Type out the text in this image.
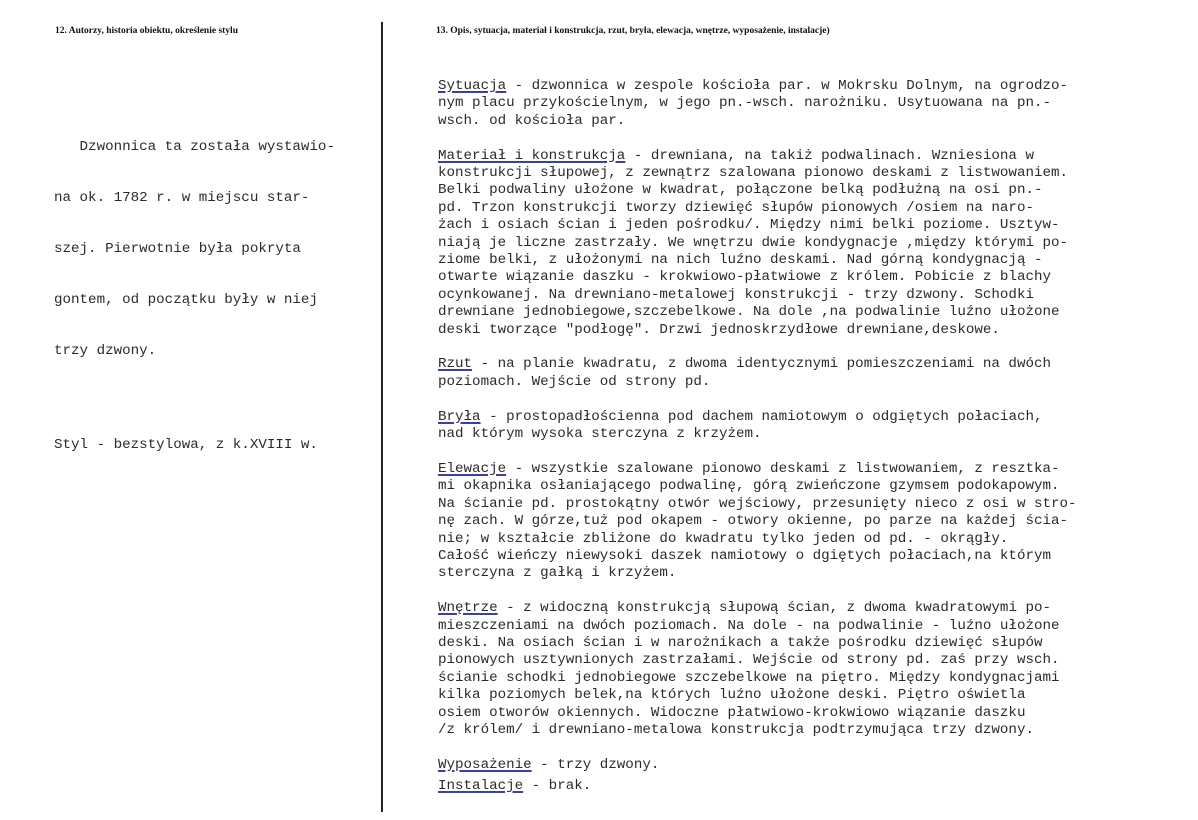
12. Autorzy, historia obiektu, określenie stylu	13. Opis, sytuacja, materiał i konstrukcja, rzut, bryła, elewacja, wnętrze, wyposażenie, instalacje)

Dzwonnica ta została wystawio-

na ok. 1782 r. w miejscu star-

szej. Pierwotnie była pokryta

gontem, od początku były w niej

trzy dzwony.

Styl - bezstylowa, z k.XVIII w.

Sytuacja - dzwonnica w zespole kościoła par. w Mokrsku Dolnym, na ogrodzo-
nym placu przykościelnym, w jego pn.-wsch. narożniku. Usytuowana na pn.-
wsch. od kościoła par.
Materiał i konstrukcja - drewniana, na takiż podwalinach. Wzniesiona w
konstrukcji słupowej, z zewnątrz szalowana pionowo deskami z listwowaniem.
Belki podwaliny ułożone w kwadrat, połączone belką podłużną na osi pn.-
pd. Trzon konstrukcji tworzy dziewięć słupów pionowych /osiem na naro-
żach i osiach ścian i jeden pośrodku/. Między nimi belki poziome. Usztyw-
niają je liczne zastrzały. We wnętrzu dwie kondygnacje ,między którymi po-
ziome belki, z ułożonymi na nich luźno deskami. Nad górną kondygnacją -
otwarte wiązanie daszku - krokwiowo-płatwiowe z królem. Pobicie z blachy
ocynkowanej. Na drewniano-metalowej konstrukcji - trzy dzwony. Schodki
drewniane jednobiegowe,szczebelkowe. Na dole ,na podwalinie luźno ułożone
deski tworzące "podłogę". Drzwi jednoskrzydłowe drewniane,deskowe.
Rzut - na planie kwadratu, z dwoma identycznymi pomieszczeniami na dwóch
poziomach. Wejście od strony pd.
Bryła - prostopadłościenna pod dachem namiotowym o odgiętych połaciach,
nad którym wysoka sterczyna z krzyżem.
Elewacje - wszystkie szalowane pionowo deskami z listwowaniem, z resztka-
mi okapnika osłaniającego podwalinę, górą zwieńczone gzymsem podokapowym.
Na ścianie pd. prostokątny otwór wejściowy, przesunięty nieco z osi w stro-
nę zach. W górze,tuż pod okapem - otwory okienne, po parze na każdej ścia-
nie; w kształcie zbliżone do kwadratu tylko jeden od pd. - okrągły.
Całość wieńczy niewysoki daszek namiotowy o dgiętych połaciach,na którym
sterczyna z gałką i krzyżem.
Wnętrze - z widoczną konstrukcją słupową ścian, z dwoma kwadratowymi po-
mieszczeniami na dwóch poziomach. Na dole - na podwalinie - luźno ułożone
deski. Na osiach ścian i w narożnikach a także pośrodku dziewięć słupów
pionowych usztywnionych zastrzałami. Wejście od strony pd. zaś przy wsch.
ścianie schodki jednobiegowe szczebelkowe na piętro. Między kondygnacjami
kilka poziomych belek,na których luźno ułożone deski. Piętro oświetla
osiem otworów okiennych. Widoczne płatwiowo-krokwiowo wiązanie daszku
/z królem/ i drewniano-metalowa konstrukcja podtrzymująca trzy dzwony.
Wyposażenie - trzy dzwony.
Instalacje - brak.
